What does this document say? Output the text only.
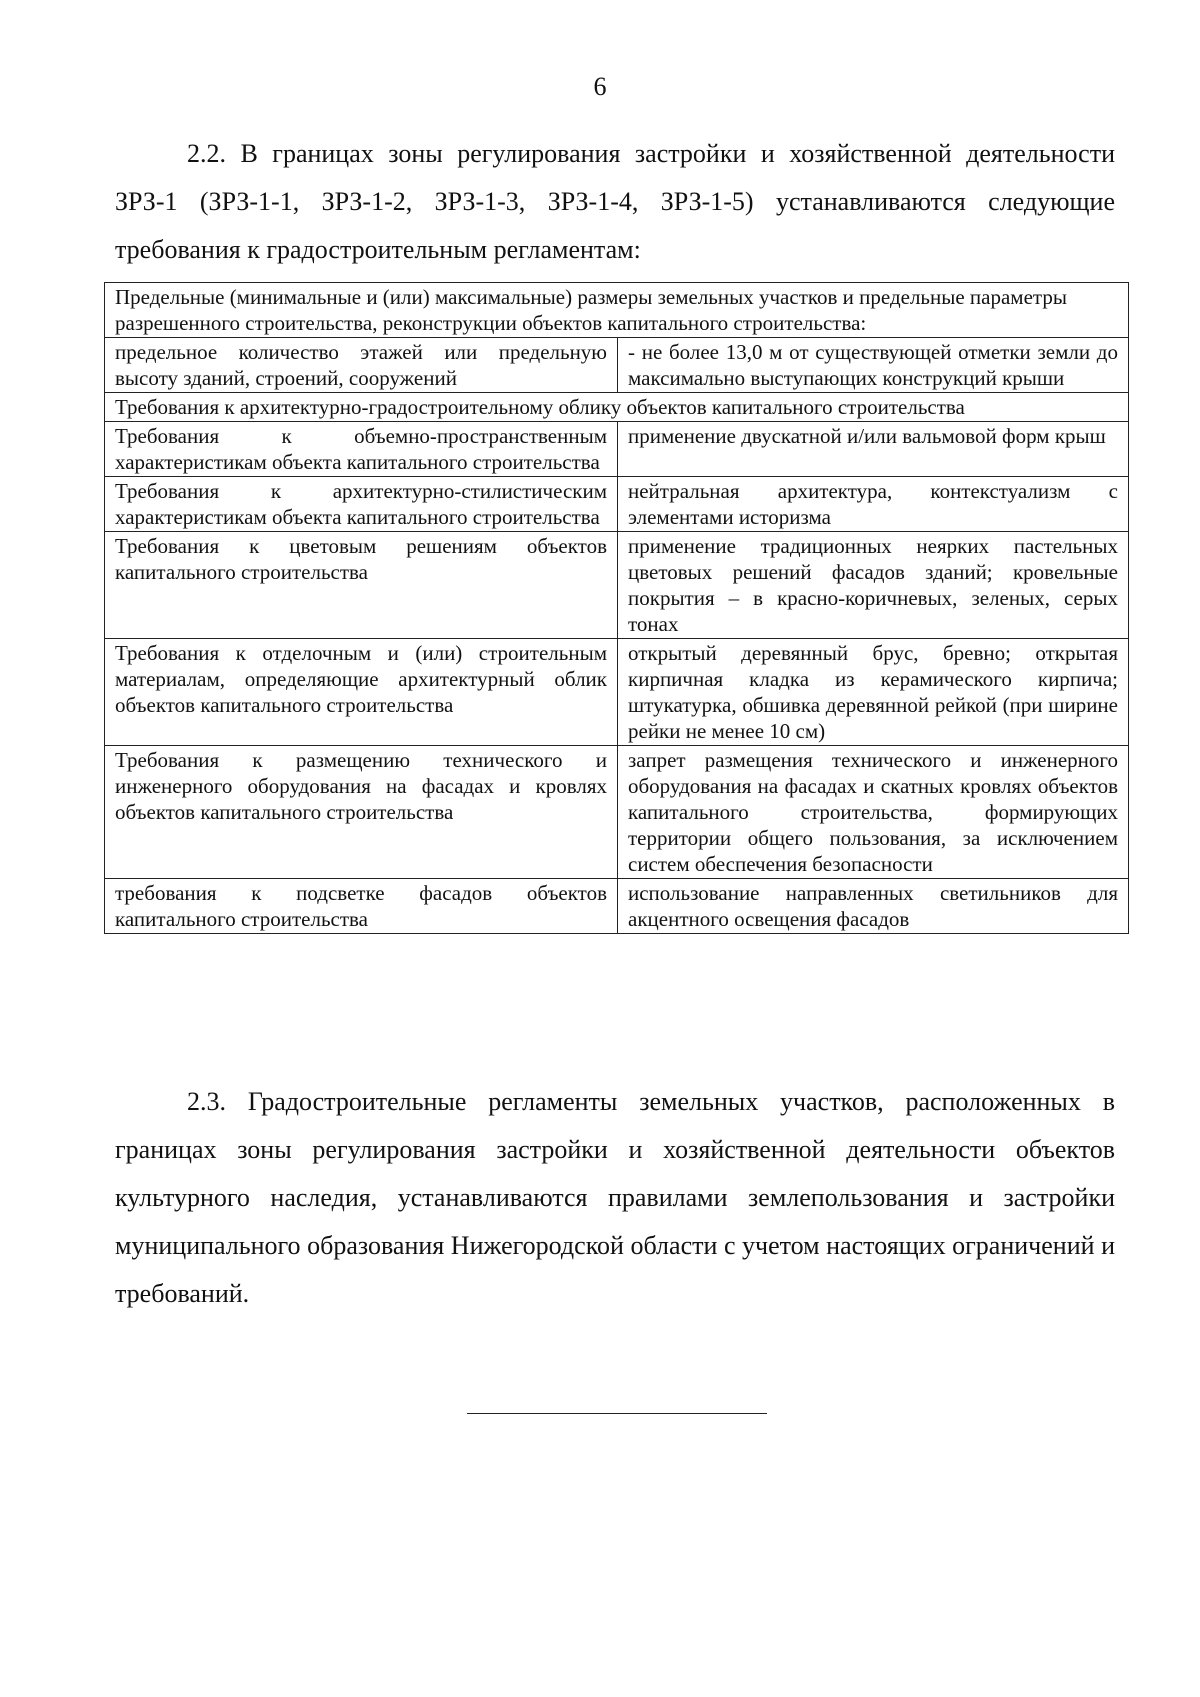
6

2.2. В границах зоны регулирования застройки и хозяйственной деятельности ЗРЗ-1 (ЗРЗ-1-1, ЗРЗ-1-2, ЗРЗ-1-3, ЗРЗ-1-4, ЗРЗ-1-5) устанавливаются следующие требования к градостроительным регламентам:

Предельные (минимальные и (или) максимальные) размеры земельных участков и предельные параметры разрешенного строительства, реконструкции объектов капитального строительства:	
предельное количество этажей или предельную высоту зданий, строений, сооружений	- не более 13,0 м от существующей отметки земли до максимально выступающих конструкций крыши
Требования к архитектурно-градостроительному облику объектов капитального строительства	
Требования к объемно-пространственным характеристикам объекта капитального строительства	применение двускатной и/или вальмовой форм крыш
Требования к архитектурно-стилистическим характеристикам объекта капитального строительства	нейтральная архитектура, контекстуализм с элементами историзма
Требования к цветовым решениям объектов капитального строительства	применение традиционных неярких пастельных цветовых решений фасадов зданий; кровельные покрытия – в красно-коричневых, зеленых, серых тонах
Требования к отделочным и (или) строительным материалам, определяющие архитектурный облик объектов капитального строительства	открытый деревянный брус, бревно; открытая кирпичная кладка из керамического кирпича; штукатурка, обшивка деревянной рейкой (при ширине рейки не менее 10 см)
Требования к размещению технического и инженерного оборудования на фасадах и кровлях объектов капитального строительства	запрет размещения технического и инженерного оборудования на фасадах и скатных кровлях объектов капитального строительства, формирующих территории общего пользования, за исключением систем обеспечения безопасности
требования к подсветке фасадов объектов капитального строительства	использование направленных светильников для акцентного освещения фасадов

2.3. Градостроительные регламенты земельных участков, расположенных в границах зоны регулирования застройки и хозяйственной деятельности объектов культурного наследия, устанавливаются правилами землепользования и застройки муниципального образования Нижегородской области с учетом настоящих ограничений и требований.
